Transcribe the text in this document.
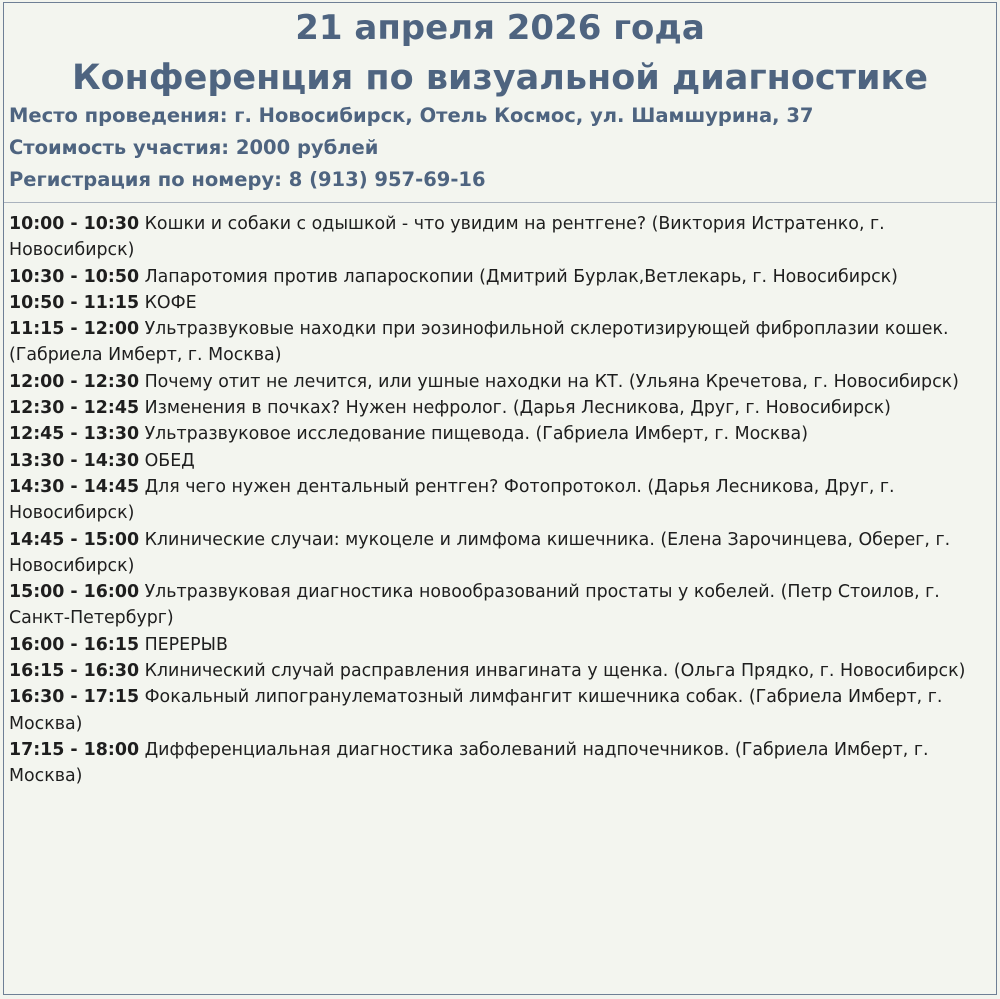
21 апреля 2026 года
Конференция по визуальной диагностике
Место проведения: г. Новосибирск, Отель Космос, ул. Шамшурина, 37
Стоимость участия: 2000 рублей
Регистрация по номеру: 8 (913) 957-69-16

10:00 - 10:30 Кошки и собаки с одышкой - что увидим на рентгене? (Виктория Истратенко, г. Новосибирск)

10:30 - 10:50 Лапаротомия против лапароскопии (Дмитрий Бурлак,Ветлекарь, г. Новосибирск)

10:50 - 11:15 КОФЕ

11:15 - 12:00 Ультразвуковые находки при эозинофильной склеротизирующей фиброплазии кошек. (Габриела Имберт, г. Москва)

12:00 - 12:30 Почему отит не лечится, или ушные находки на КТ. (Ульяна Кречетова, г. Новосибирск)

12:30 - 12:45 Изменения в почках? Нужен нефролог. (Дарья Лесникова, Друг, г. Новосибирск)

12:45 - 13:30 Ультразвуковое исследование пищевода. (Габриела Имберт, г. Москва)

13:30 - 14:30 ОБЕД

14:30 - 14:45 Для чего нужен дентальный рентген? Фотопротокол. (Дарья Лесникова, Друг, г. Новосибирск)

14:45 - 15:00 Клинические случаи: мукоцеле и лимфома кишечника. (Елена Зарочинцева, Оберег, г. Новосибирск)

15:00 - 16:00 Ультразвуковая диагностика новообразований простаты у кобелей. (Петр Стоилов, г. Санкт-Петербург)

16:00 - 16:15 ПЕРЕРЫВ

16:15 - 16:30 Клинический случай расправления инвагината у щенка. (Ольга Прядко, г. Новосибирск)

16:30 - 17:15 Фокальный липогранулематозный лимфангит кишечника собак. (Габриела Имберт, г. Москва)

17:15 - 18:00 Дифференциальная диагностика заболеваний надпочечников. (Габриела Имберт, г. Москва)
